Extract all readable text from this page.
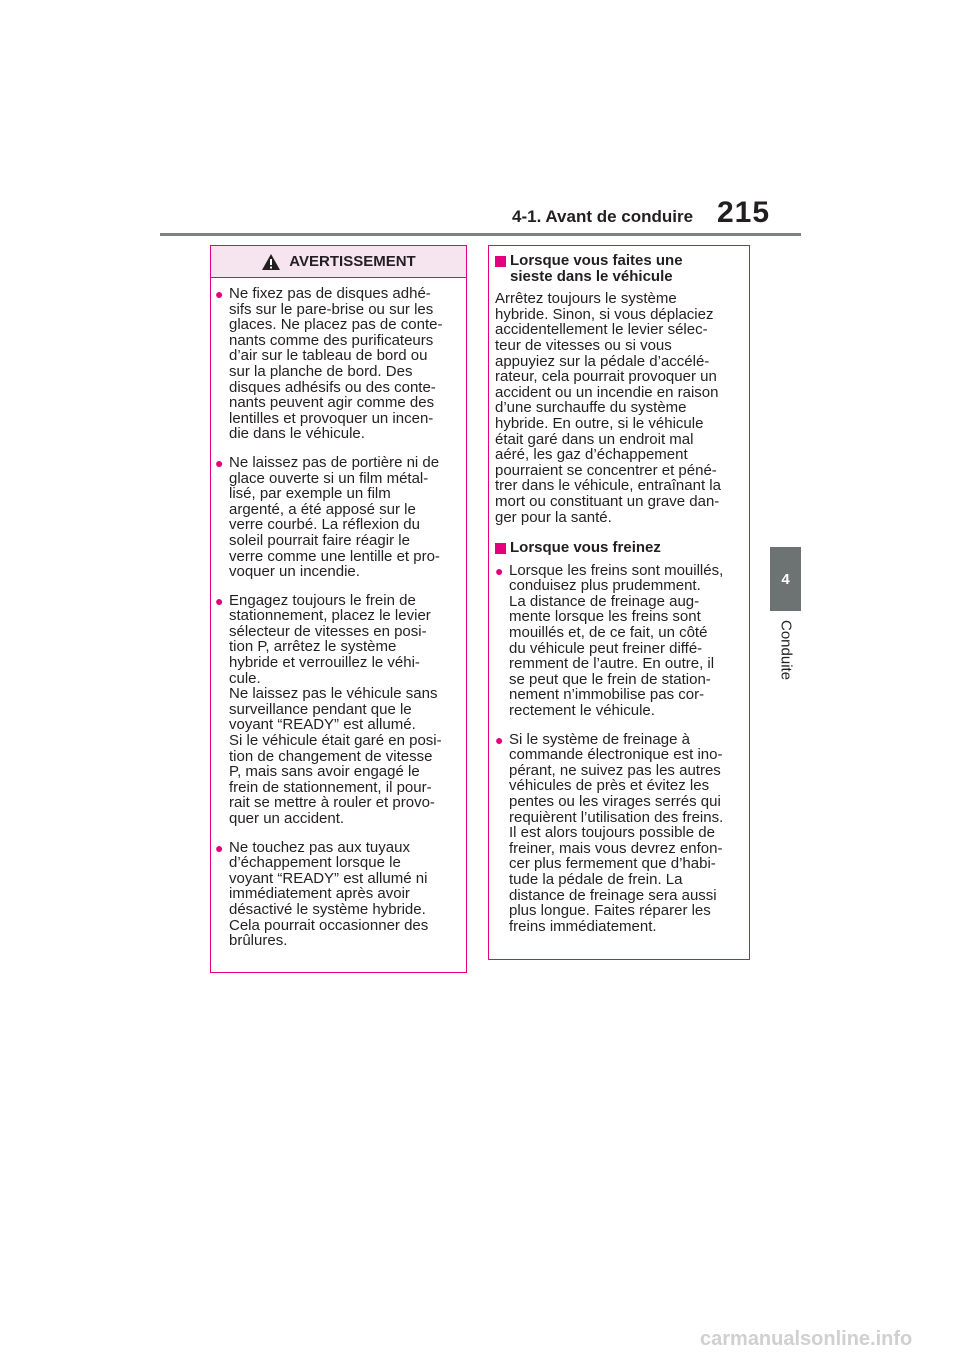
4-1. Avant de conduire 215
4
Conduite
AVERTISSEMENT
● Ne fixez pas de disques adhé-
sifs sur le pare-brise ou sur les
glaces. Ne placez pas de conte-
nants comme des purificateurs
d’air sur le tableau de bord ou
sur la planche de bord. Des
disques adhésifs ou des conte-
nants peuvent agir comme des
lentilles et provoquer un incen-
die dans le véhicule.
● Ne laissez pas de portière ni de
glace ouverte si un film métal-
lisé, par exemple un film
argenté, a été apposé sur le
verre courbé. La réflexion du
soleil pourrait faire réagir le
verre comme une lentille et pro-
voquer un incendie.
● Engagez toujours le frein de
stationnement, placez le levier
sélecteur de vitesses en posi-
tion P, arrêtez le système
hybride et verrouillez le véhi-
cule.
Ne laissez pas le véhicule sans
surveillance pendant que le
voyant “READY” est allumé.
Si le véhicule était garé en posi-
tion de changement de vitesse
P, mais sans avoir engagé le
frein de stationnement, il pour-
rait se mettre à rouler et provo-
quer un accident.
● Ne touchez pas aux tuyaux
d’échappement lorsque le
voyant “READY” est allumé ni
immédiatement après avoir
désactivé le système hybride.
Cela pourrait occasionner des
brûlures.
Lorsque vous faites une
sieste dans le véhicule
Arrêtez toujours le système
hybride. Sinon, si vous déplaciez
accidentellement le levier sélec-
teur de vitesses ou si vous
appuyiez sur la pédale d’accélé-
rateur, cela pourrait provoquer un
accident ou un incendie en raison
d’une surchauffe du système
hybride. En outre, si le véhicule
était garé dans un endroit mal
aéré, les gaz d’échappement
pourraient se concentrer et péné-
trer dans le véhicule, entraînant la
mort ou constituant un grave dan-
ger pour la santé.
Lorsque vous freinez
● Lorsque les freins sont mouillés,
conduisez plus prudemment.
La distance de freinage aug-
mente lorsque les freins sont
mouillés et, de ce fait, un côté
du véhicule peut freiner diffé-
remment de l’autre. En outre, il
se peut que le frein de station-
nement n’immobilise pas cor-
rectement le véhicule.
● Si le système de freinage à
commande électronique est ino-
pérant, ne suivez pas les autres
véhicules de près et évitez les
pentes ou les virages serrés qui
requièrent l’utilisation des freins.
Il est alors toujours possible de
freiner, mais vous devrez enfon-
cer plus fermement que d’habi-
tude la pédale de frein. La
distance de freinage sera aussi
plus longue. Faites réparer les
freins immédiatement.
carmanualsonline.info
